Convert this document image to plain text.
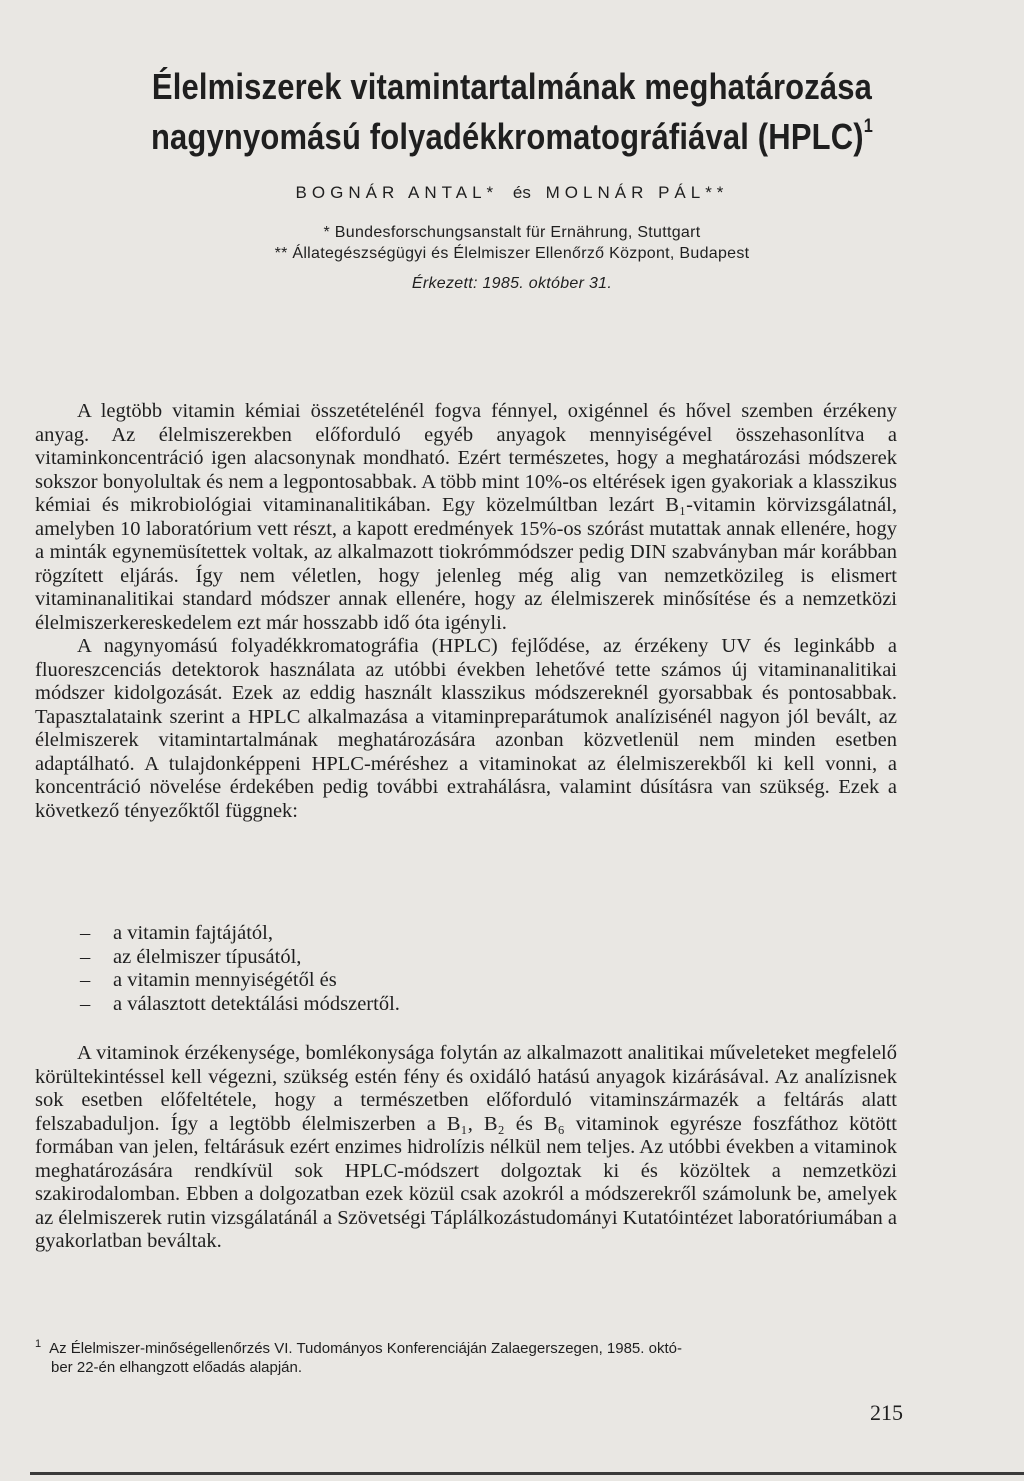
Élelmiszerek vitamintartalmának meghatározása
nagynyomású folyadékkromatográfiával (HPLC)$^1$
BOGNÁR ANTAL* és MOLNÁR PÁL**
* Bundesforschungsanstalt für Ernährung, Stuttgart
** Állategészségügyi és Élelmiszer Ellenőrző Központ, Budapest
Érkezett: 1985. október 31.

A legtöbb vitamin kémiai összetételénél fogva fénnyel, oxigénnel és hővel szemben érzékeny anyag. Az élelmiszerekben előforduló egyéb anyagok mennyiségével összehasonlítva a vitaminkoncentráció igen alacsonynak mondható. Ezért természetes, hogy a meghatározási módszerek sokszor bonyolultak és nem a legpontosabbak. A több mint 10%-os eltérések igen gyakoriak a klasszikus kémiai és mikrobiológiai vitaminanalitikában. Egy közelmúltban lezárt B₁-vitamin körvizsgálatnál, amelyben 10 laboratórium vett részt, a kapott eredmények 15%-os szórást mutattak annak ellenére, hogy a minták egynemüsítettek voltak, az alkalmazott tiokrómmódszer pedig DIN szabványban már korábban rögzített eljárás. Így nem véletlen, hogy jelenleg még alig van nemzetközileg is elismert vitaminanalitikai standard módszer annak ellenére, hogy az élelmiszerek minősítése és a nemzetközi élelmiszerkereskedelem ezt már hosszabb idő óta igényli.

A nagynyomású folyadékkromatográfia (HPLC) fejlődése, az érzékeny UV és leginkább a fluoreszcenciás detektorok használata az utóbbi években lehetővé tette számos új vitaminanalitikai módszer kidolgozását. Ezek az eddig használt klasszikus módszereknél gyorsabbak és pontosabbak. Tapasztalataink szerint a HPLC alkalmazása a vitaminpreparátumok analízisénél nagyon jól bevált, az élelmiszerek vitamintartalmának meghatározására azonban közvetlenül nem minden esetben adaptálható. A tulajdonképpeni HPLC-méréshez a vitaminokat az élelmiszerekből ki kell vonni, a koncentráció növelése érdekében pedig további extrahálásra, valamint dúsításra van szükség. Ezek a következő tényezőktől függnek:

– a vitamin fajtájától,
– az élelmiszer típusától,
– a vitamin mennyiségétől és
– a választott detektálási módszertől.

A vitaminok érzékenysége, bomlékonysága folytán az alkalmazott analitikai műveleteket megfelelő körültekintéssel kell végezni, szükség estén fény és oxidáló hatású anyagok kizárásával. Az analízisnek sok esetben előfeltétele, hogy a természetben előforduló vitaminszármazék a feltárás alatt felszabaduljon. Így a legtöbb élelmiszerben a B₁, B₂ és B₆ vitaminok egyrésze foszfáthoz kötött formában van jelen, feltárásuk ezért enzimes hidrolízis nélkül nem teljes. Az utóbbi években a vitaminok meghatározására rendkívül sok HPLC-módszert dolgoztak ki és közöltek a nemzetközi szakirodalomban. Ebben a dolgozatban ezek közül csak azokról a módszerekről számolunk be, amelyek az élelmiszerek rutin vizsgálatánál a Szövetségi Táplálkozástudományi Kutatóintézet laboratóriumában a gyakorlatban beváltak.

$^1$ Az Élelmiszer-minőségellenőrzés VI. Tudományos Konferenciáján Zalaegerszegen, 1985. októ-
ber 22-én elhangzott előadás alapján.
215
